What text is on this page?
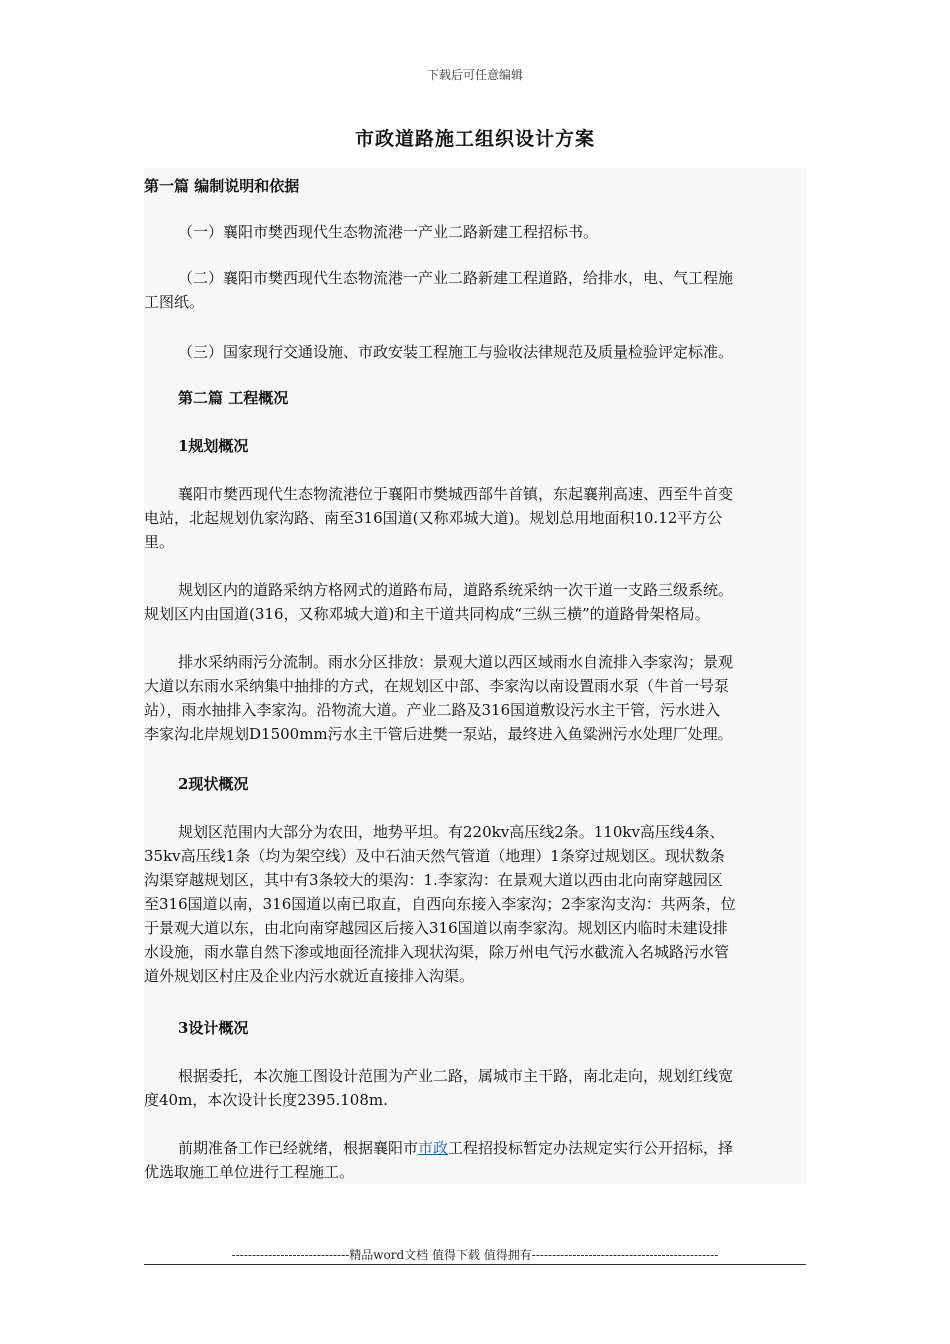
下载后可任意编辑
市政道路施工组织设计方案
第一篇 编制说明和依据
（一）襄阳市樊西现代生态物流港一产业二路新建工程招标书。
（二）襄阳市樊西现代生态物流港一产业二路新建工程道路，给排水，电、气工程施
工图纸。
（三）国家现行交通设施、市政安装工程施工与验收法律规范及质量检验评定标准。
第二篇 工程概况
1规划概况
襄阳市樊西现代生态物流港位于襄阳市樊城西部牛首镇，东起襄荆高速、西至牛首变
电站，北起规划仇家沟路、南至316国道(又称邓城大道)。规划总用地面积10.12平方公
里。
规划区内的道路采纳方格网式的道路布局，道路系统采纳一次干道一支路三级系统。
规划区内由国道(316，又称邓城大道)和主干道共同构成“三纵三横”的道路骨架格局。
排水采纳雨污分流制。雨水分区排放：景观大道以西区域雨水自流排入李家沟；景观
大道以东雨水采纳集中抽排的方式，在规划区中部、李家沟以南设置雨水泵（牛首一号泵
站），雨水抽排入李家沟。沿物流大道。产业二路及316国道敷设污水主干管，污水进入
李家沟北岸规划D1500mm污水主干管后进樊一泵站，最终进入鱼粱洲污水处理厂处理。
2现状概况
规划区范围内大部分为农田，地势平坦。有220kv高压线2条。110kv高压线4条、
35kv高压线1条（均为架空线）及中石油天然气管道（地理）1条穿过规划区。现状数条
沟渠穿越规划区，其中有3条较大的渠沟：1.李家沟：在景观大道以西由北向南穿越园区
至316国道以南，316国道以南已取直，自西向东接入李家沟；2李家沟支沟：共两条，位
于景观大道以东，由北向南穿越园区后接入316国道以南李家沟。规划区内临时未建设排
水设施，雨水靠自然下渗或地面径流排入现状沟渠，除万州电气污水截流入名城路污水管
道外规划区村庄及企业内污水就近直接排入沟渠。
3设计概况
根据委托，本次施工图设计范围为产业二路，属城市主干路，南北走向，规划红线宽
度40m，本次设计长度2395.108m.
前期准备工作已经就绪，根据襄阳市市政工程招投标暂定办法规定实行公开招标，择
优选取施工单位进行工程施工。
-----------------------------精品word文档 值得下载 值得拥有----------------------------------------------
